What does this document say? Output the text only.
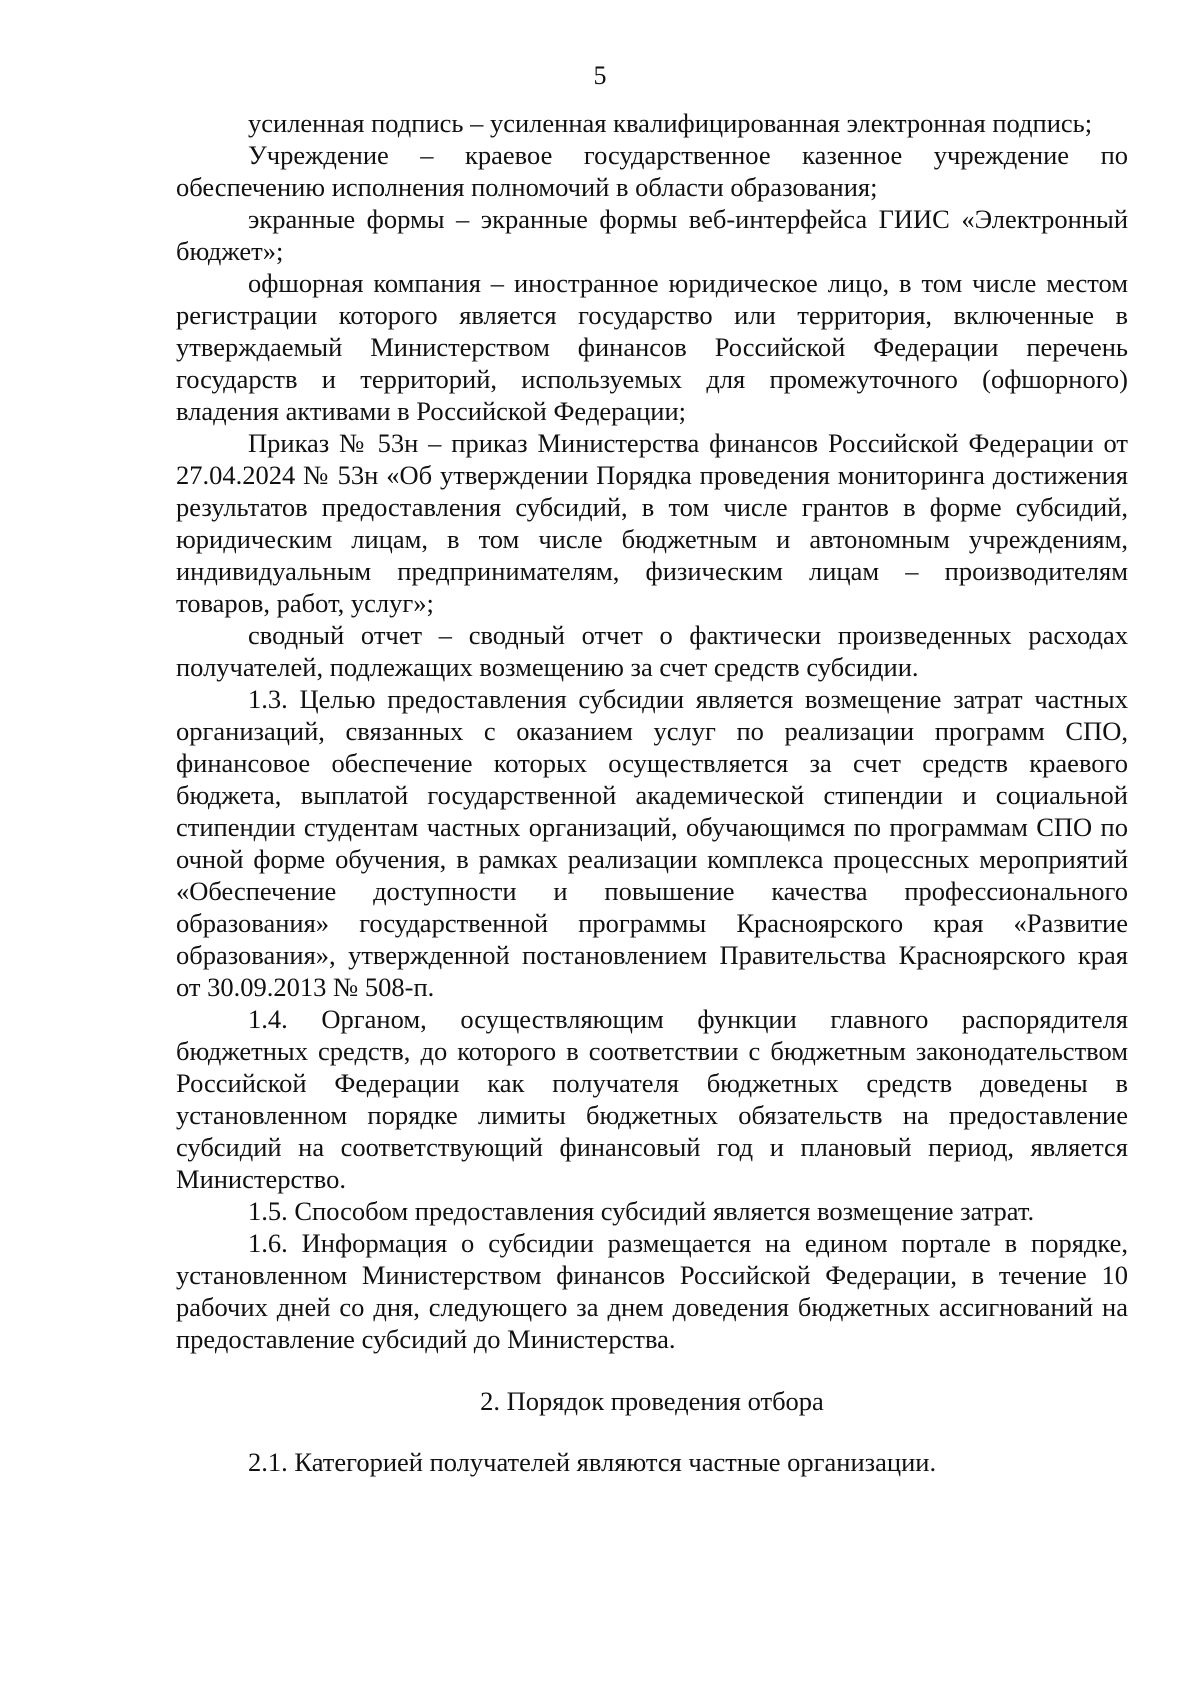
5

усиленная подпись – усиленная квалифицированная электронная подпись;

Учреждение – краевое государственное казенное учреждение по обеспечению исполнения полномочий в области образования;

экранные формы – экранные формы веб-интерфейса ГИИС «Электронный бюджет»;

офшорная компания – иностранное юридическое лицо, в том числе местом регистрации которого является государство или территория, включенные в утверждаемый Министерством финансов Российской Федерации перечень государств и территорий, используемых для промежуточного (офшорного) владения активами в Российской Федерации;

Приказ № 53н – приказ Министерства финансов Российской Федерации от 27.04.2024 № 53н «Об утверждении Порядка проведения мониторинга достижения результатов предоставления субсидий, в том числе грантов в форме субсидий, юридическим лицам, в том числе бюджетным и автономным учреждениям, индивидуальным предпринимателям, физическим лицам – производителям товаров, работ, услуг»;

сводный отчет – сводный отчет о фактически произведенных расходах получателей, подлежащих возмещению за счет средств субсидии.

1.3. Целью предоставления субсидии является возмещение затрат частных организаций, связанных с оказанием услуг по реализации программ СПО, финансовое обеспечение которых осуществляется за счет средств краевого бюджета, выплатой государственной академической стипендии и социальной стипендии студентам частных организаций, обучающимся по программам СПО по очной форме обучения, в рамках реализации комплекса процессных мероприятий «Обеспечение доступности и повышение качества профессионального образования» государственной программы Красноярского края «Развитие образования», утвержденной постановлением Правительства Красноярского края от 30.09.2013 № 508-п.

1.4. Органом, осуществляющим функции главного распорядителя бюджетных средств, до которого в соответствии с бюджетным законодательством Российской Федерации как получателя бюджетных средств доведены в установленном порядке лимиты бюджетных обязательств на предоставление субсидий на соответствующий финансовый год и плановый период, является Министерство.

1.5. Способом предоставления субсидий является возмещение затрат.

1.6. Информация о субсидии размещается на едином портале в порядке, установленном Министерством финансов Российской Федерации, в течение 10 рабочих дней со дня, следующего за днем доведения бюджетных ассигнований на предоставление субсидий до Министерства.

2. Порядок проведения отбора

2.1. Категорией получателей являются частные организации.
